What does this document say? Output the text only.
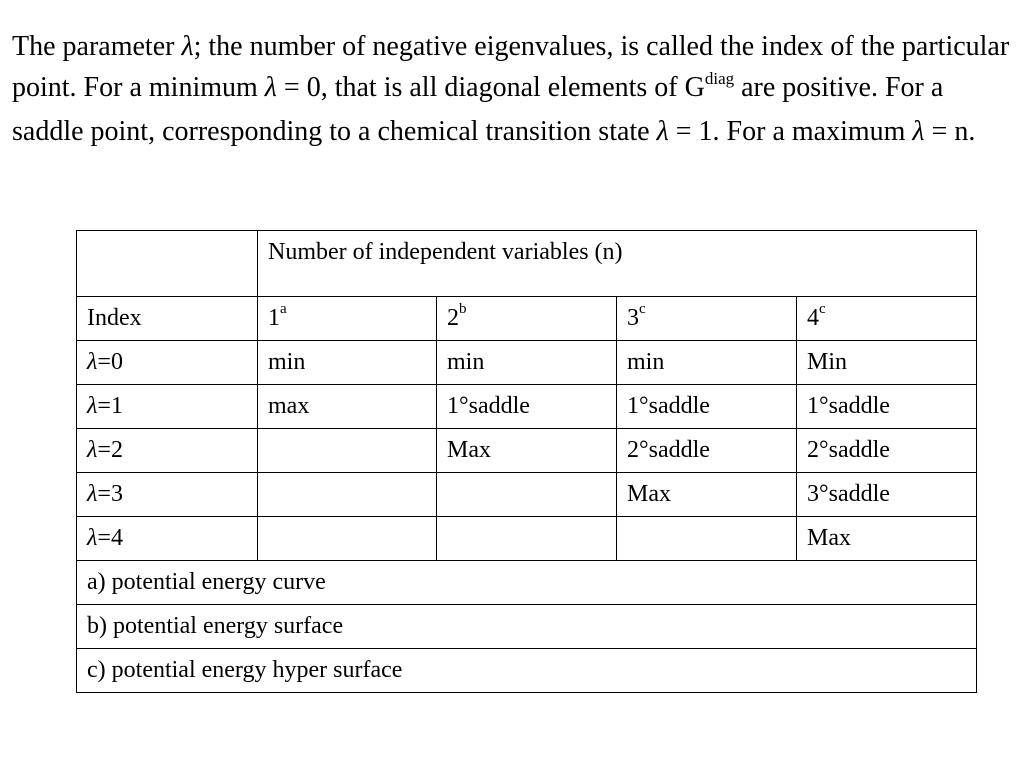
The parameter λ; the number of negative eigenvalues, is called the index of the particular point. For a minimum λ = 0, that is all diagonal elements of $G^{diag}$ are positive. For a saddle point, corresponding to a chemical transition state λ = 1. For a maximum λ = n.

	Number of independent variables (n)			
Index	1$^a$	2$^b$	3$^c$	4$^c$
λ=0	min	min	min	Min
λ=1	max	1°saddle	1°saddle	1°saddle
λ=2		Max	2°saddle	2°saddle
λ=3			Max	3°saddle
λ=4				Max
a) potential energy curve				
b) potential energy surface				
c) potential energy hyper surface				
